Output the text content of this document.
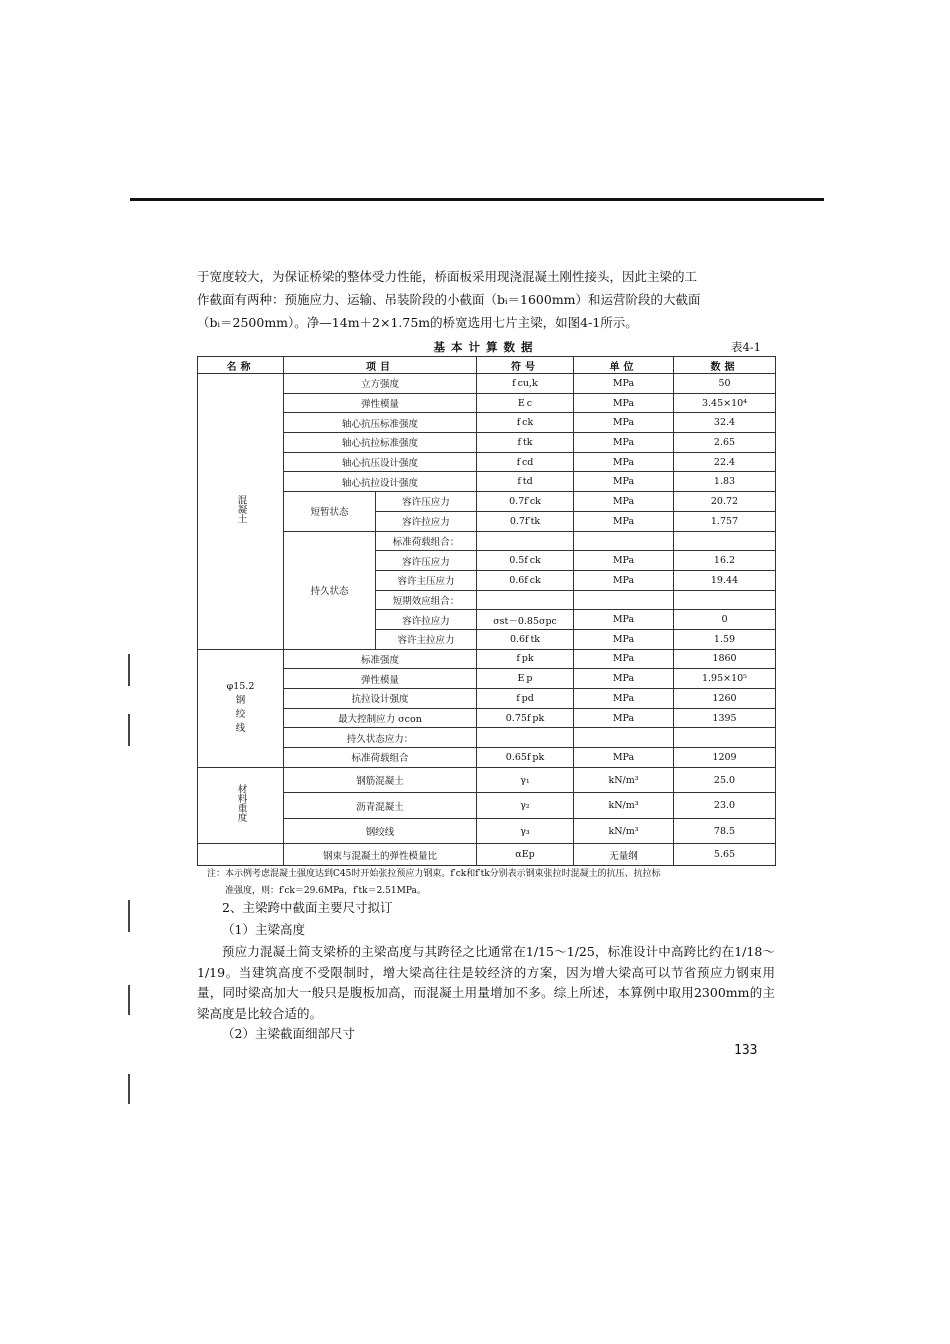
于宽度较大，为保证桥梁的整体受力性能，桥面板采用现浇混凝土刚性接头，因此主梁的工
作截面有两种：预施应力、运输、吊装阶段的小截面（bᵢ＝1600mm）和运营阶段的大截面
（bᵢ＝2500mm）。净—14m＋2×1.75m的桥宽选用七片主梁，如图4-1所示。

基本计算数据	表4-1
名称	项目		符号	单位	数据
混凝土	立方强度		f cu,k	MPa	50
	弹性模量		E c	MPa	3.45×10⁴
	轴心抗压标准强度		f ck	MPa	32.4
	轴心抗拉标准强度		f tk	MPa	2.65
	轴心抗压设计强度		f cd	MPa	22.4
	轴心抗拉设计强度		f td	MPa	1.83
	短暂状态	容许压应力	0.7f′ck	MPa	20.72
		容许拉应力	0.7f′tk	MPa	1.757
	持久状态	标准荷载组合：			
		容许压应力	0.5f ck	MPa	16.2
		容许主压应力	0.6f ck	MPa	19.44
		短期效应组合：			
		容许拉应力	σst－0.85σpc	MPa	0
		容许主拉应力	0.6f tk	MPa	1.59
φ15.2
钢
绞
线	标准强度		f pk	MPa	1860
	弹性模量		E p	MPa	1.95×10⁵
	抗拉设计强度		f pd	MPa	1260
	最大控制应力 σcon		0.75f pk	MPa	1395
	持久状态应力：				
	标准荷载组合		0.65f pk	MPa	1209
材料重度	钢筋混凝土		γ₁	kN/m³	25.0
	沥青混凝土		γ₂	kN/m³	23.0
	钢绞线		γ₃	kN/m³	78.5
	钢束与混凝土的弹性模量比		αEp	无量纲	5.65

注：本示例考虑混凝土强度达到C45时开始张拉预应力钢束。f′ck和f′tk分别表示钢束张拉时混凝土的抗压、抗拉标
准强度，则：f′ck＝29.6MPa，f′tk＝2.51MPa。

2、主梁跨中截面主要尺寸拟订
（1）主梁高度

预应力混凝土简支梁桥的主梁高度与其跨径之比通常在1/15～1/25，标准设计中高跨比约在1/18～1/19。当建筑高度不受限制时，增大梁高往往是较经济的方案，因为增大梁高可以节省预应力钢束用量，同时梁高加大一般只是腹板加高，而混凝土用量增加不多。综上所述，本算例中取用2300mm的主梁高度是比较合适的。

（2）主梁截面细部尺寸
133
